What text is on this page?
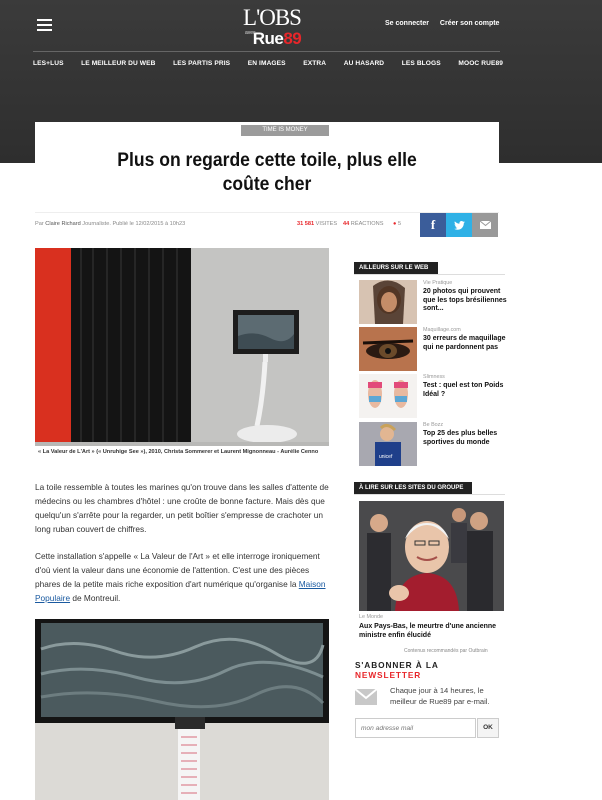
L'OBS
avec
Rue89
Se connecter Créer son compte
LES+LUS	LE MEILLEUR DU WEB	LES PARTIS PRIS	EN IMAGES	EXTRA	AU HASARD	LES BLOGS	MOOC RUE89
TIME IS MONEY
Plus on regarde cette toile, plus elle
coûte cher
Par Claire Richard Journaliste. Publié le 12/02/2015 à 10h23	31 581 VISITES 44 RÉACTIONS ● 5 f
« La Valeur de L'Art » (« Unruhige See »), 2010, Christa Sommerer et Laurent Mignonneau - Aurélie Cenno
La toile ressemble à toutes les marines qu'on trouve dans les salles d'attente de médecins ou les chambres d'hôtel : une croûte de bonne facture. Mais dès que quelqu'un s'arrête pour la regarder, un petit boîtier s'empresse de crachoter un long ruban couvert de chiffres.
Cette installation s'appelle « La Valeur de l'Art » et elle interroge ironiquement d'où vient la valeur dans une économie de l'attention. C'est une des pièces phares de la petite mais riche exposition d'art numérique qu'organise la Maison Populaire de Montreuil.
AILLEURS SUR LE WEB
Vie Pratique
20 photos qui prouvent que les tops brésiliennes sont...
Maquillage.com
30 erreurs de maquillage qui ne pardonnent pas
Slimness
Test : quel est ton Poids Idéal ?
unicef
Be Bozz
Top 25 des plus belles sportives du monde
À LIRE SUR LES SITES DU GROUPE
Le Monde
Aux Pays-Bas, le meurtre d'une ancienne ministre enfin élucidé
Contenus recommandés par Outbrain
S'ABONNER À LA
NEWSLETTER
Chaque jour à 14 heures, le meilleur de Rue89 par e-mail.
mon adresse mail
OK
